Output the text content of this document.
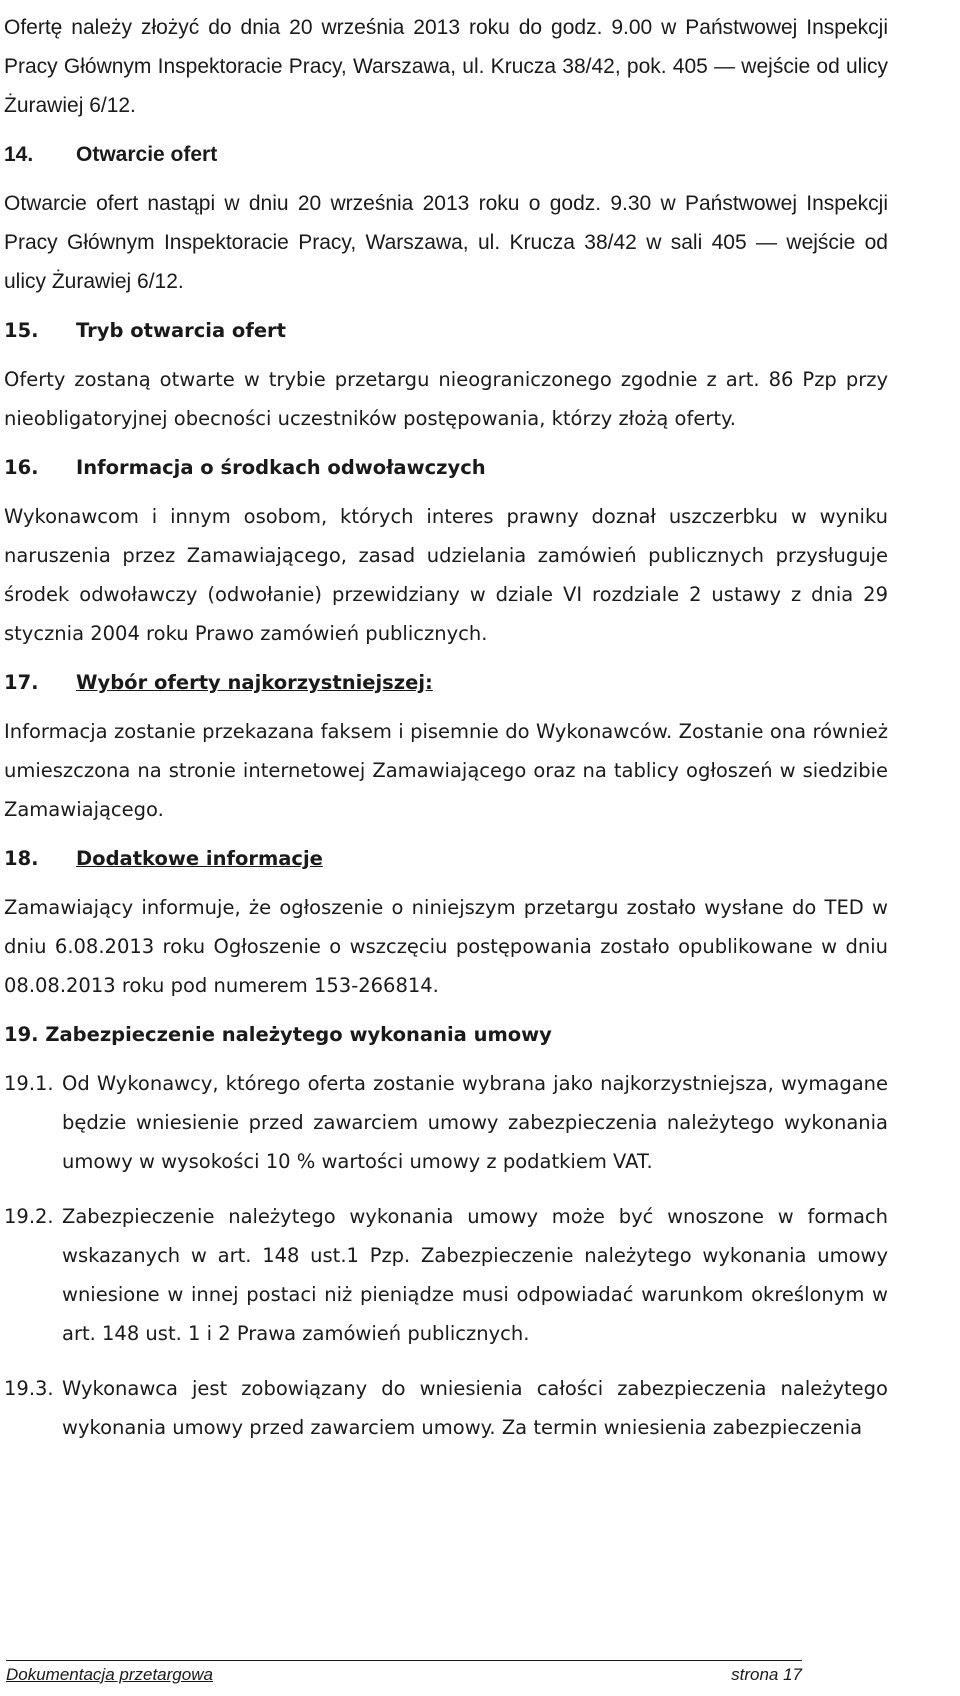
Ofertę należy złożyć do dnia 20 września 2013 roku do godz. 9.00 w Państwowej Inspekcji Pracy Głównym Inspektoracie Pracy, Warszawa, ul. Krucza 38/42, pok. 405 ― wejście od ulicy Żurawiej 6/12.

14.	Otwarcie ofert

Otwarcie ofert nastąpi w dniu 20 września 2013 roku o godz. 9.30 w Państwowej Inspekcji Pracy Głównym Inspektoracie Pracy, Warszawa, ul. Krucza 38/42 w sali 405 ― wejście od ulicy Żurawiej 6/12.

15.	Tryb otwarcia ofert

Oferty zostaną otwarte w trybie przetargu nieograniczonego zgodnie z art. 86 Pzp przy nieobligatoryjnej obecności uczestników postępowania, którzy złożą oferty.

16.	Informacja o środkach odwoławczych

Wykonawcom i innym osobom, których interes prawny doznał uszczerbku w wyniku naruszenia przez Zamawiającego, zasad udzielania zamówień publicznych przysługuje środek odwoławczy (odwołanie) przewidziany w dziale VI rozdziale 2 ustawy z dnia 29 stycznia 2004 roku Prawo zamówień publicznych.

17.	Wybór oferty najkorzystniejszej:

Informacja zostanie przekazana faksem i pisemnie do Wykonawców. Zostanie ona również umieszczona na stronie internetowej Zamawiającego oraz na tablicy ogłoszeń w siedzibie Zamawiającego.

18.	Dodatkowe informacje

Zamawiający informuje, że ogłoszenie o niniejszym przetargu zostało wysłane do TED w dniu 6.08.2013 roku Ogłoszenie o wszczęciu postępowania zostało opublikowane w dniu 08.08.2013 roku pod numerem 153-266814.

19. Zabezpieczenie należytego wykonania umowy
19.1. Od Wykonawcy, którego oferta zostanie wybrana jako najkorzystniejsza, wymagane będzie wniesienie przed zawarciem umowy zabezpieczenia należytego wykonania umowy w wysokości 10 % wartości umowy z podatkiem VAT.
19.2. Zabezpieczenie należytego wykonania umowy może być wnoszone w formach wskazanych w art. 148 ust.1 Pzp. Zabezpieczenie należytego wykonania umowy wniesione w innej postaci niż pieniądze musi odpowiadać warunkom określonym w art. 148 ust. 1 i 2 Prawa zamówień publicznych.
19.3. Wykonawca jest zobowiązany do wniesienia całości zabezpieczenia należytego wykonania umowy przed zawarciem umowy. Za termin wniesienia zabezpieczenia
Dokumentacja przetargowa	strona 17
